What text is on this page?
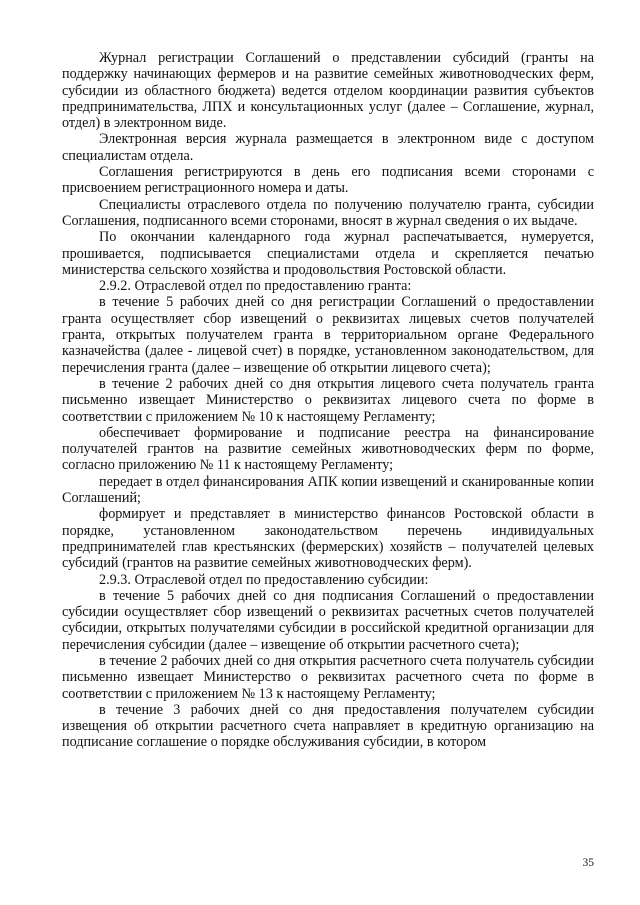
Журнал регистрации Соглашений о представлении субсидий (гранты на поддержку начинающих фермеров и на развитие семейных животноводческих ферм, субсидии из областного бюджета) ведется отделом координации развития субъектов предпринимательства, ЛПХ и консультационных услуг (далее – Соглашение, журнал, отдел) в электронном виде.

Электронная версия журнала размещается в электронном виде с доступом специалистам отдела.

Соглашения регистрируются в день его подписания всеми сторонами с присвоением регистрационного номера и даты.

Специалисты отраслевого отдела по получению получателю гранта, субсидии Соглашения, подписанного всеми сторонами, вносят в журнал сведения о их выдаче.

По окончании календарного года журнал распечатывается, нумеруется, прошивается, подписывается специалистами отдела и скрепляется печатью министерства сельского хозяйства и продовольствия Ростовской области.

2.9.2. Отраслевой отдел по предоставлению гранта:

в течение 5 рабочих дней со дня регистрации Соглашений о предоставлении гранта осуществляет сбор извещений о реквизитах лицевых счетов получателей гранта, открытых получателем гранта в территориальном органе Федерального казначейства (далее - лицевой счет) в порядке, установленном законодательством, для перечисления гранта (далее – извещение об открытии лицевого счета);

в течение 2 рабочих дней со дня открытия лицевого счета получатель гранта письменно извещает Министерство о реквизитах лицевого счета по форме в соответствии с приложением № 10 к настоящему Регламенту;

обеспечивает формирование и подписание реестра на финансирование получателей грантов на развитие семейных животноводческих ферм по форме, согласно приложению № 11 к настоящему Регламенту;

передает в отдел финансирования АПК копии извещений и сканированные копии Соглашений;

формирует и представляет в министерство финансов Ростовской области в порядке, установленном законодательством перечень индивидуальных предпринимателей глав крестьянских (фермерских) хозяйств – получателей целевых субсидий (грантов на развитие семейных животноводческих ферм).

2.9.3. Отраслевой отдел по предоставлению субсидии:

в течение 5 рабочих дней со дня подписания Соглашений о предоставлении субсидии осуществляет сбор извещений о реквизитах расчетных счетов получателей субсидии, открытых получателями субсидии в российской кредитной организации для перечисления субсидии (далее – извещение об открытии расчетного счета);

в течение 2 рабочих дней со дня открытия расчетного счета получатель субсидии письменно извещает Министерство о реквизитах расчетного счета по форме в соответствии с приложением № 13 к настоящему Регламенту;

в течение 3 рабочих дней со дня предоставления получателем субсидии извещения об открытии расчетного счета направляет в кредитную организацию на подписание соглашение о порядке обслуживания субсидии, в котором

35
